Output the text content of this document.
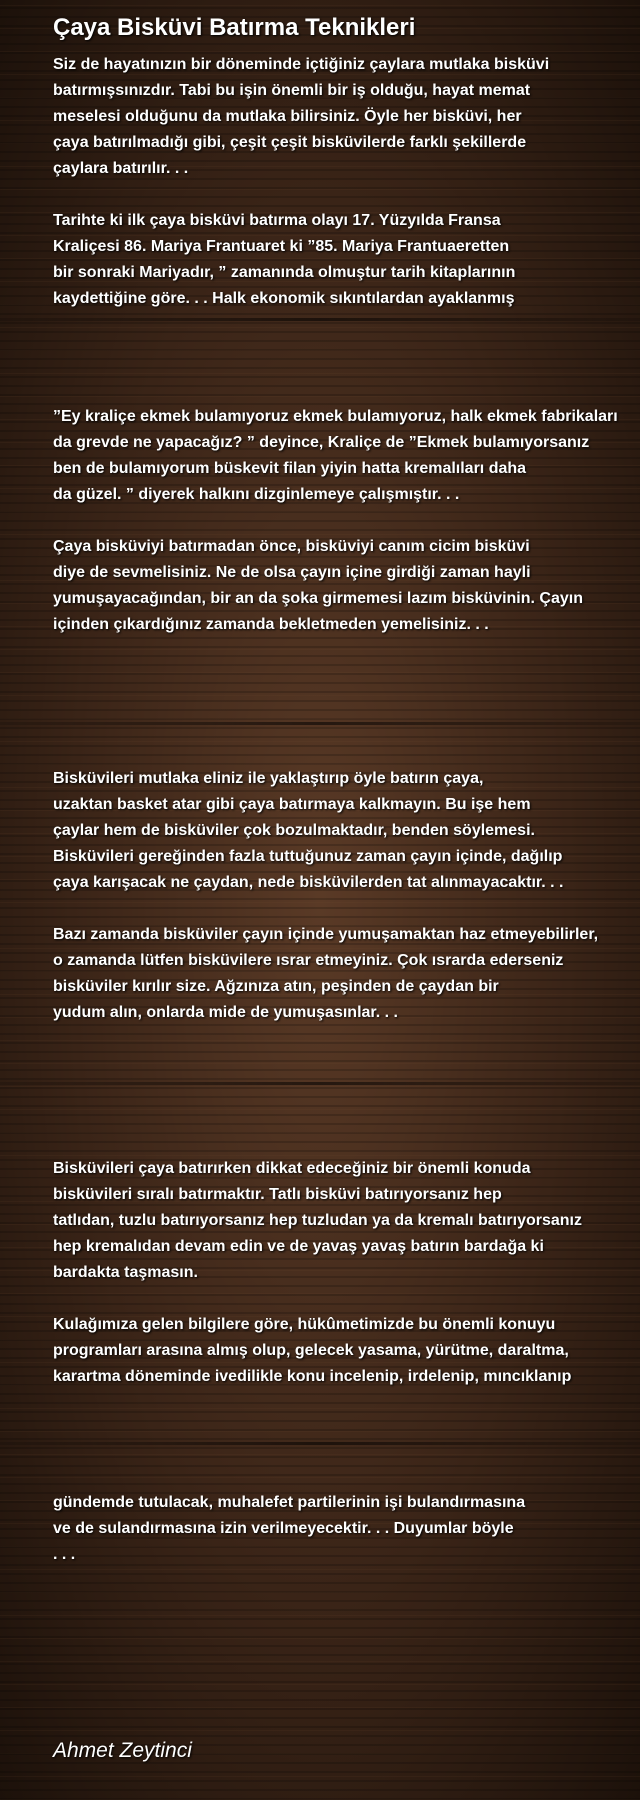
Çaya Bisküvi Batırma Teknikleri

Siz de hayatınızın bir döneminde içtiğiniz çaylara mutlaka bisküvi
batırmışsınızdır. Tabi bu işin önemli bir iş olduğu, hayat memat
meselesi olduğunu da mutlaka bilirsiniz. Öyle her bisküvi, her
çaya batırılmadığı gibi, çeşit çeşit bisküvilerde farklı şekillerde
çaylara batırılır. . .

Tarihte ki ilk çaya bisküvi batırma olayı 17. Yüzyılda Fransa
Kraliçesi 86. Mariya Frantuaret ki ”85. Mariya Frantuaeretten
bir sonraki Mariyadır, ” zamanında olmuştur tarih kitaplarının
kaydettiğine göre. . . Halk ekonomik sıkıntılardan ayaklanmış

”Ey kraliçe ekmek bulamıyoruz ekmek bulamıyoruz, halk ekmek fabrikaları
da grevde ne yapacağız? ” deyince, Kraliçe de ”Ekmek bulamıyorsanız
ben de bulamıyorum büskevit filan yiyin hatta kremalıları daha
da güzel. ” diyerek halkını dizginlemeye çalışmıştır. . .

Çaya bisküviyi batırmadan önce, bisküviyi canım cicim bisküvi
diye de sevmelisiniz. Ne de olsa çayın içine girdiği zaman hayli
yumuşayacağından, bir an da şoka girmemesi lazım bisküvinin. Çayın
içinden çıkardığınız zamanda bekletmeden yemelisiniz. . .

Bisküvileri mutlaka eliniz ile yaklaştırıp öyle batırın çaya,
uzaktan basket atar gibi çaya batırmaya kalkmayın. Bu işe hem
çaylar hem de bisküviler çok bozulmaktadır, benden söylemesi.
Bisküvileri gereğinden fazla tuttuğunuz zaman çayın içinde, dağılıp
çaya karışacak ne çaydan, nede bisküvilerden tat alınmayacaktır. . .

Bazı zamanda bisküviler çayın içinde yumuşamaktan haz etmeyebilirler,
o zamanda lütfen bisküvilere ısrar etmeyiniz. Çok ısrarda ederseniz
bisküviler kırılır size. Ağzınıza atın, peşinden de çaydan bir
yudum alın, onlarda mide de yumuşasınlar. . .

Bisküvileri çaya batırırken dikkat edeceğiniz bir önemli konuda
bisküvileri sıralı batırmaktır. Tatlı bisküvi batırıyorsanız hep
tatlıdan, tuzlu batırıyorsanız hep tuzludan ya da kremalı batırıyorsanız
hep kremalıdan devam edin ve de yavaş yavaş batırın bardağa ki
bardakta taşmasın.

Kulağımıza gelen bilgilere göre, hükûmetimizde bu önemli konuyu
programları arasına almış olup, gelecek yasama, yürütme, daraltma,
karartma döneminde ivedilikle konu incelenip, irdelenip, mıncıklanıp

gündemde tutulacak, muhalefet partilerinin işi bulandırmasına
ve de sulandırmasına izin verilmeyecektir. . . Duyumlar böyle
. . .

Ahmet Zeytinci
